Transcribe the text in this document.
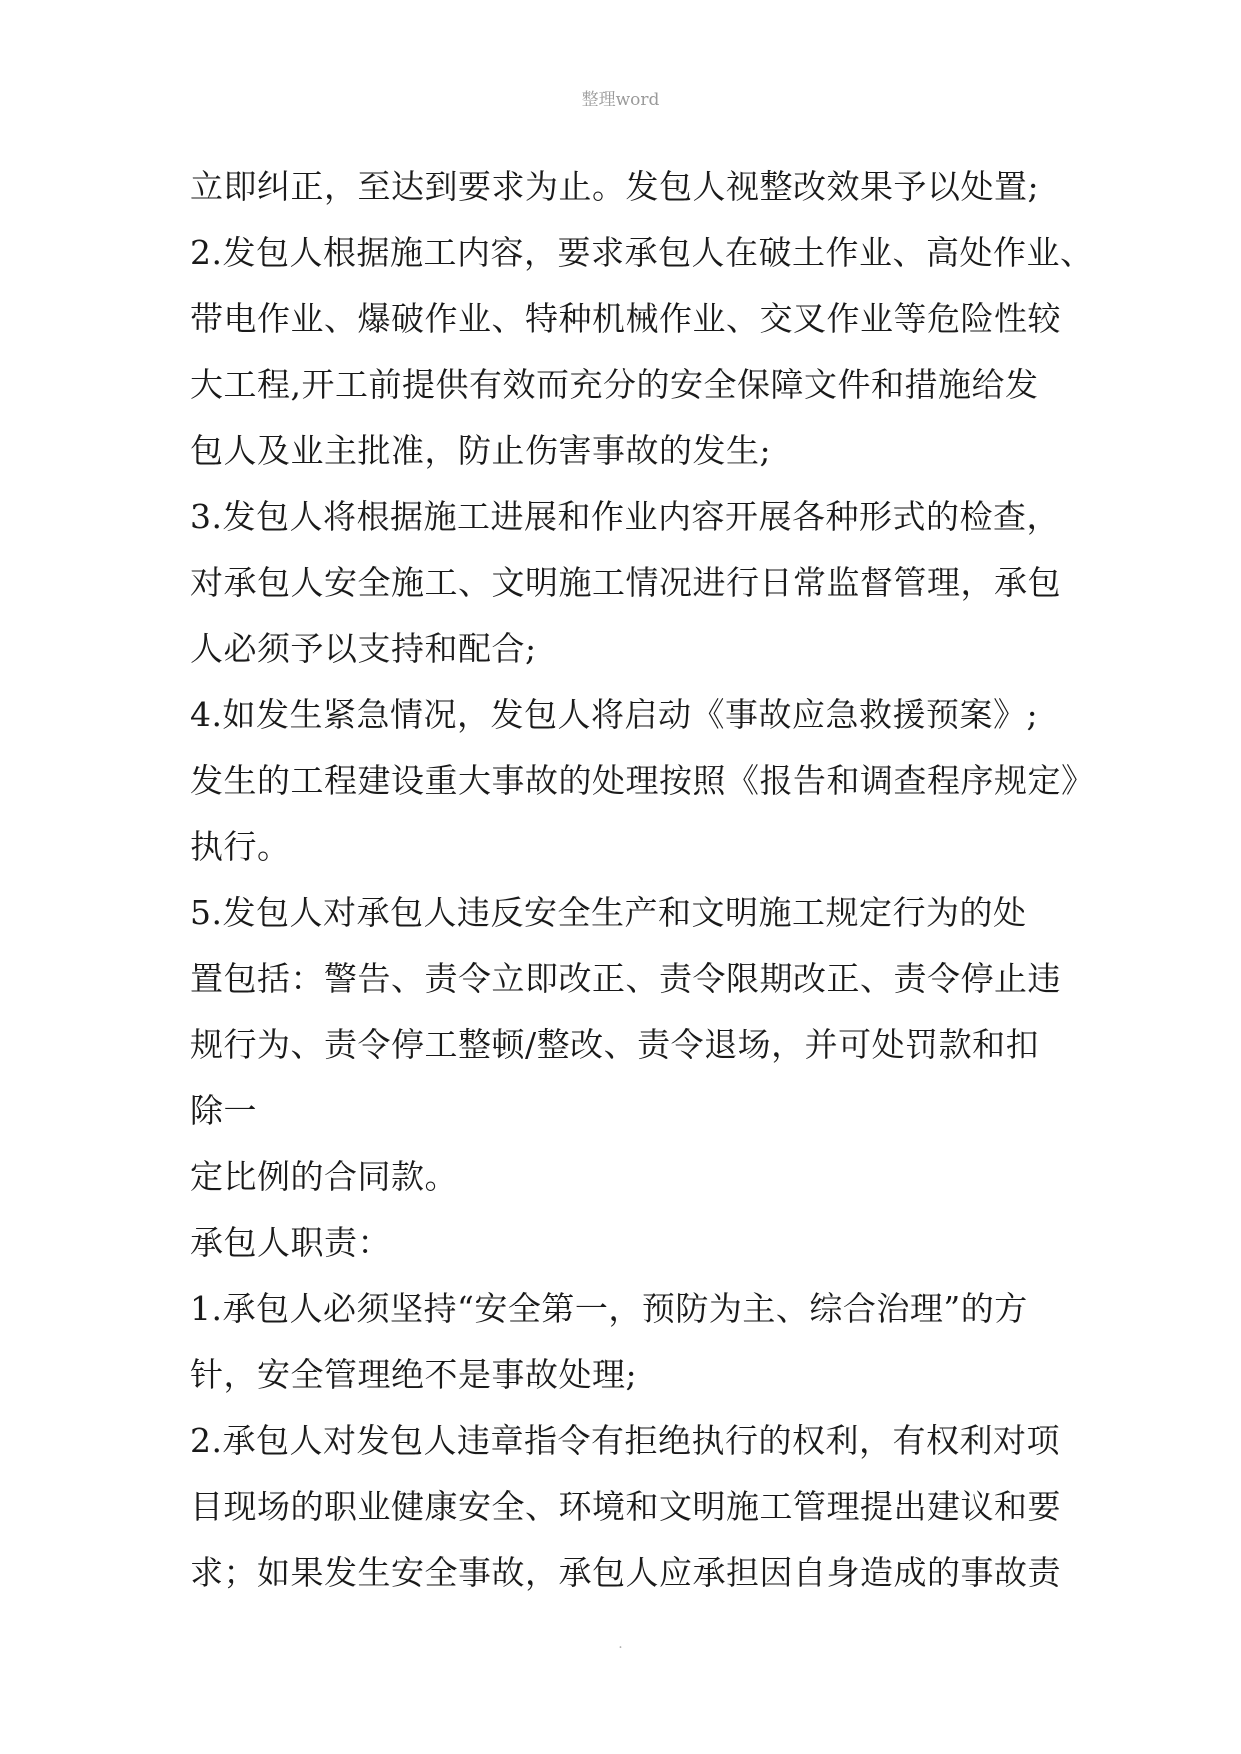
整理word
立即纠正，至达到要求为止。发包人视整改效果予以处置;
2.发包人根据施工内容，要求承包人在破土作业、高处作业、
带电作业、爆破作业、特种机械作业、交叉作业等危险性较
大工程,开工前提供有效而充分的安全保障文件和措施给发
包人及业主批准，防止伤害事故的发生;
3.发包人将根据施工进展和作业内容开展各种形式的检查，
对承包人安全施工、文明施工情况进行日常监督管理，承包
人必须予以支持和配合;
4.如发生紧急情况，发包人将启动《事故应急救援预案》;
发生的工程建设重大事故的处理按照《报告和调查程序规定》
执行。
5.发包人对承包人违反安全生产和文明施工规定行为的处
置包括：警告、责令立即改正、责令限期改正、责令停止违
规行为、责令停工整顿/整改、责令退场，并可处罚款和扣
除一
定比例的合同款。
承包人职责：
1.承包人必须坚持“安全第一，预防为主、综合治理”的方
针，安全管理绝不是事故处理;
2.承包人对发包人违章指令有拒绝执行的权利，有权利对项
目现场的职业健康安全、环境和文明施工管理提出建议和要
求；如果发生安全事故，承包人应承担因自身造成的事故责
.
